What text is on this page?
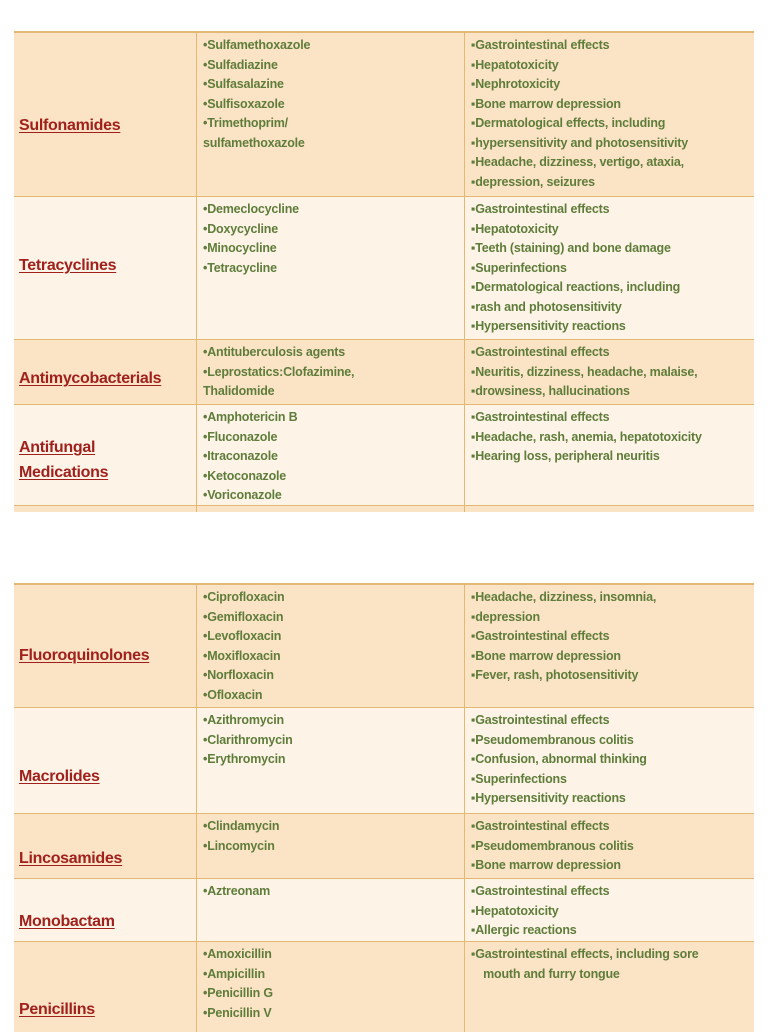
Sulfonamides
• Sulfamethoxazole
• Sulfadiazine
• Sulfasalazine
• Sulfisoxazole
• Trimethoprim/
sulfamethoxazole
▪ Gastrointestinal effects
▪ Hepatotoxicity
▪ Nephrotoxicity
▪ Bone marrow depression
▪ Dermatological effects, including
▪ hypersensitivity and photosensitivity
▪ Headache, dizziness, vertigo, ataxia,
▪ depression, seizures
Tetracyclines
• Demeclocycline
• Doxycycline
• Minocycline
• Tetracycline
▪ Gastrointestinal effects
▪ Hepatotoxicity
▪ Teeth (staining) and bone damage
▪ Superinfections
▪ Dermatological reactions, including
▪ rash and photosensitivity
▪ Hypersensitivity reactions
Antimycobacterials
• Antituberculosis agents
• Leprostatics:Clofazimine,
Thalidomide
▪ Gastrointestinal effects
▪ Neuritis, dizziness, headache, malaise,
▪ drowsiness, hallucinations
Antifungal
Medications
• Amphotericin B
• Fluconazole
• Itraconazole
• Ketoconazole
• Voriconazole
▪ Gastrointestinal effects
▪ Headache, rash, anemia, hepatotoxicity
▪ Hearing loss, peripheral neuritis
Fluoroquinolones
• Ciprofloxacin
• Gemifloxacin
• Levofloxacin
• Moxifloxacin
• Norfloxacin
• Ofloxacin
▪ Headache, dizziness, insomnia,
▪ depression
▪ Gastrointestinal effects
▪ Bone marrow depression
▪ Fever, rash, photosensitivity
Macrolides
• Azithromycin
• Clarithromycin
• Erythromycin
▪ Gastrointestinal effects
▪ Pseudomembranous colitis
▪ Confusion, abnormal thinking
▪ Superinfections
▪ Hypersensitivity reactions
Lincosamides
• Clindamycin
• Lincomycin
▪ Gastrointestinal effects
▪ Pseudomembranous colitis
▪ Bone marrow depression
Monobactam
• Aztreonam
▪	Gastrointestinal effects
▪ Hepatotoxicity
▪ Allergic reactions
Penicillins
• Amoxicillin
• Ampicillin
• Penicillin G
• Penicillin V
▪ Gastrointestinal effects, including sore
mouth and furry tongue
